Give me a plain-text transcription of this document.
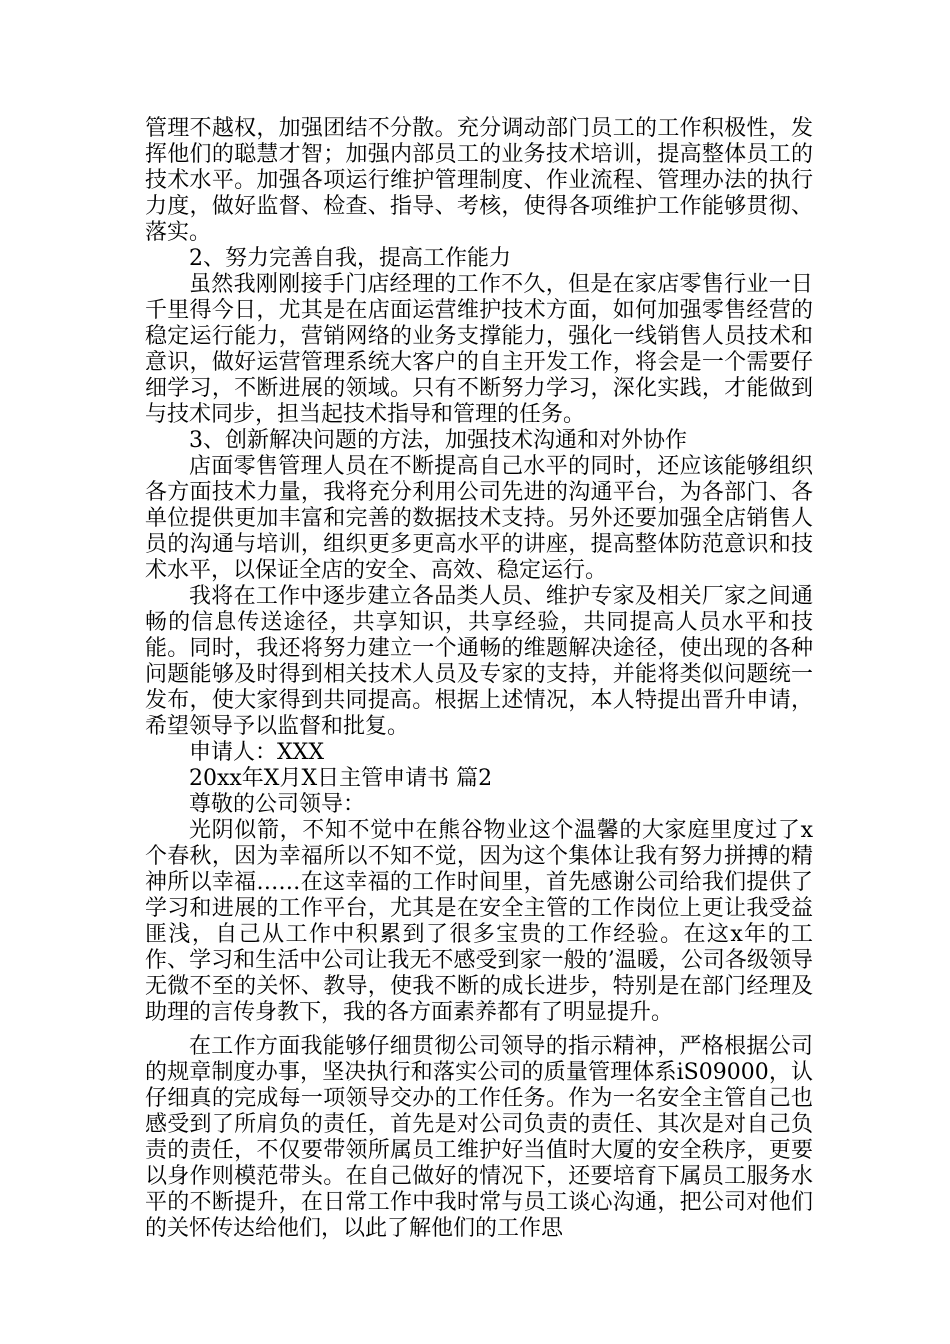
管理不越权，加强团结不分散。充分调动部门员工的工作积极性，发挥他们的聪慧才智；加强内部员工的业务技术培训，提高整体员工的技术水平。加强各项运行维护管理制度、作业流程、管理办法的执行力度，做好监督、检查、指导、考核，使得各项维护工作能够贯彻、落实。

2、努力完善自我，提高工作能力

虽然我刚刚接手门店经理的工作不久，但是在家店零售行业一日千里得今日，尤其是在店面运营维护技术方面，如何加强零售经营的稳定运行能力，营销网络的业务支撑能力，强化一线销售人员技术和意识，做好运营管理系统大客户的自主开发工作，将会是一个需要仔细学习，不断进展的领域。只有不断努力学习，深化实践，才能做到与技术同步，担当起技术指导和管理的任务。

3、创新解决问题的方法，加强技术沟通和对外协作

店面零售管理人员在不断提高自己水平的同时，还应该能够组织各方面技术力量，我将充分利用公司先进的沟通平台，为各部门、各单位提供更加丰富和完善的数据技术支持。另外还要加强全店销售人员的沟通与培训，组织更多更高水平的讲座，提高整体防范意识和技术水平，以保证全店的安全、高效、稳定运行。

我将在工作中逐步建立各品类人员、维护专家及相关厂家之间通畅的信息传送途径，共享知识，共享经验，共同提高人员水平和技能。同时，我还将努力建立一个通畅的维题解决途径，使出现的各种问题能够及时得到相关技术人员及专家的支持，并能将类似问题统一发布，使大家得到共同提高。根据上述情况，本人特提出晋升申请，希望领导予以监督和批复。

申请人：XXX

20xx年X月X日主管申请书 篇2

尊敬的公司领导：

光阴似箭，不知不觉中在熊谷物业这个温馨的大家庭里度过了x个春秋，因为幸福所以不知不觉，因为这个集体让我有努力拼搏的精神所以幸福……在这幸福的工作时间里，首先感谢公司给我们提供了学习和进展的工作平台，尤其是在安全主管的工作岗位上更让我受益匪浅，自己从工作中积累到了很多宝贵的工作经验。在这x年的工作、学习和生活中公司让我无不感受到家一般的’温暖，公司各级领导无微不至的关怀、教导，使我不断的成长进步，特别是在部门经理及助理的言传身教下，我的各方面素养都有了明显提升。

在工作方面我能够仔细贯彻公司领导的指示精神，严格根据公司的规章制度办事，坚决执行和落实公司的质量管理体系iS09000，认仔细真的完成每一项领导交办的工作任务。作为一名安全主管自己也感受到了所肩负的责任，首先是对公司负责的责任、其次是对自己负责的责任，不仅要带领所属员工维护好当值时大厦的安全秩序，更要以身作则模范带头。在自己做好的情况下，还要培育下属员工服务水平的不断提升，在日常工作中我时常与员工谈心沟通，把公司对他们的关怀传达给他们，以此了解他们的工作思
